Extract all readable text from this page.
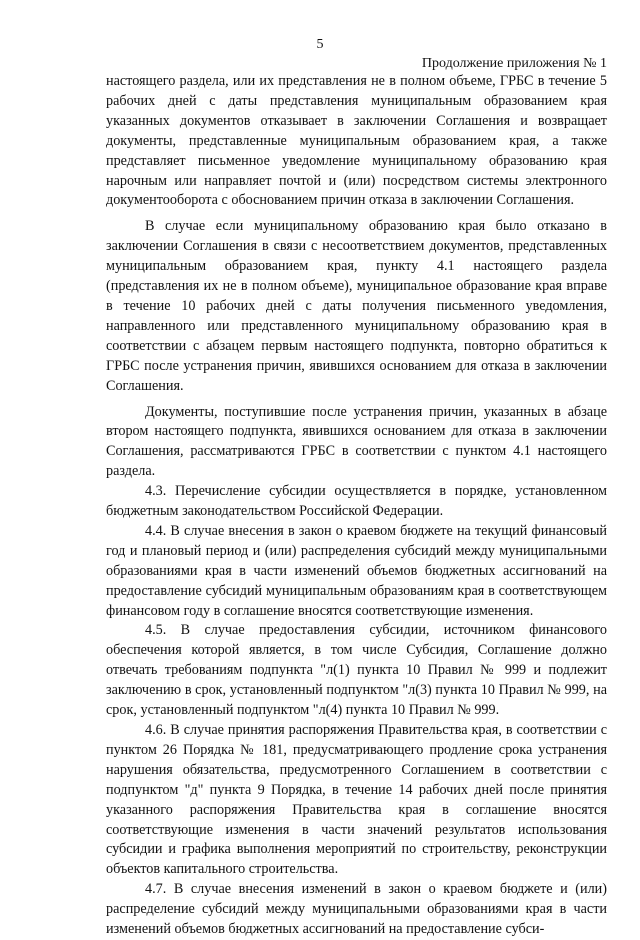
5
Продолжение приложения № 1

настоящего раздела, или их представления не в полном объеме, ГРБС в течение 5 рабочих дней с даты представления муниципальным образованием края указанных документов отказывает в заключении Соглашения и возвращает документы, представленные муниципальным образованием края, а также представляет письменное уведомление муниципальному образованию края нарочным или направляет почтой и (или) посредством системы электронного документооборота с обоснованием причин отказа в заключении Соглашения.

В случае если муниципальному образованию края было отказано в заключении Соглашения в связи с несоответствием документов, представленных муниципальным образованием края, пункту 4.1 настоящего раздела (представления их не в полном объеме), муниципальное образование края вправе в течение 10 рабочих дней с даты получения письменного уведомления, направленного или представленного муниципальному образованию края в соответствии с абзацем первым настоящего подпункта, повторно обратиться к ГРБС после устранения причин, явившихся основанием для отказа в заключении Соглашения.

Документы, поступившие после устранения причин, указанных в абзаце втором настоящего подпункта, явившихся основанием для отказа в заключении Соглашения, рассматриваются ГРБС в соответствии с пунктом 4.1 настоящего раздела.

4.3. Перечисление субсидии осуществляется в порядке, установленном бюджетным законодательством Российской Федерации.

4.4. В случае внесения в закон о краевом бюджете на текущий финансовый год и плановый период и (или) распределения субсидий между муниципальными образованиями края в части изменений объемов бюджетных ассигнований на предоставление субсидий муниципальным образованиям края в соответствующем финансовом году в соглашение вносятся соответствующие изменения.

4.5. В случае предоставления субсидии, источником финансового обеспечения которой является, в том числе Субсидия, Соглашение должно отвечать требованиям подпункта "л(1) пункта 10 Правил № 999 и подлежит заключению в срок, установленный подпунктом "л(3) пункта 10 Правил № 999, на срок, установленный подпунктом "л(4) пункта 10 Правил № 999.

4.6. В случае принятия распоряжения Правительства края, в соответствии с пунктом 26 Порядка № 181, предусматривающего продление срока устранения нарушения обязательства, предусмотренного Соглашением в соответствии с подпунктом "д" пункта 9 Порядка, в течение 14 рабочих дней после принятия указанного распоряжения Правительства края в соглашение вносятся соответствующие изменения в части значений результатов использования субсидии и графика выполнения мероприятий по строительству, реконструкции объектов капитального строительства.

4.7. В случае внесения изменений в закон о краевом бюджете и (или) распределение субсидий между муниципальными образованиями края в части изменений объемов бюджетных ассигнований на предоставление субси-
